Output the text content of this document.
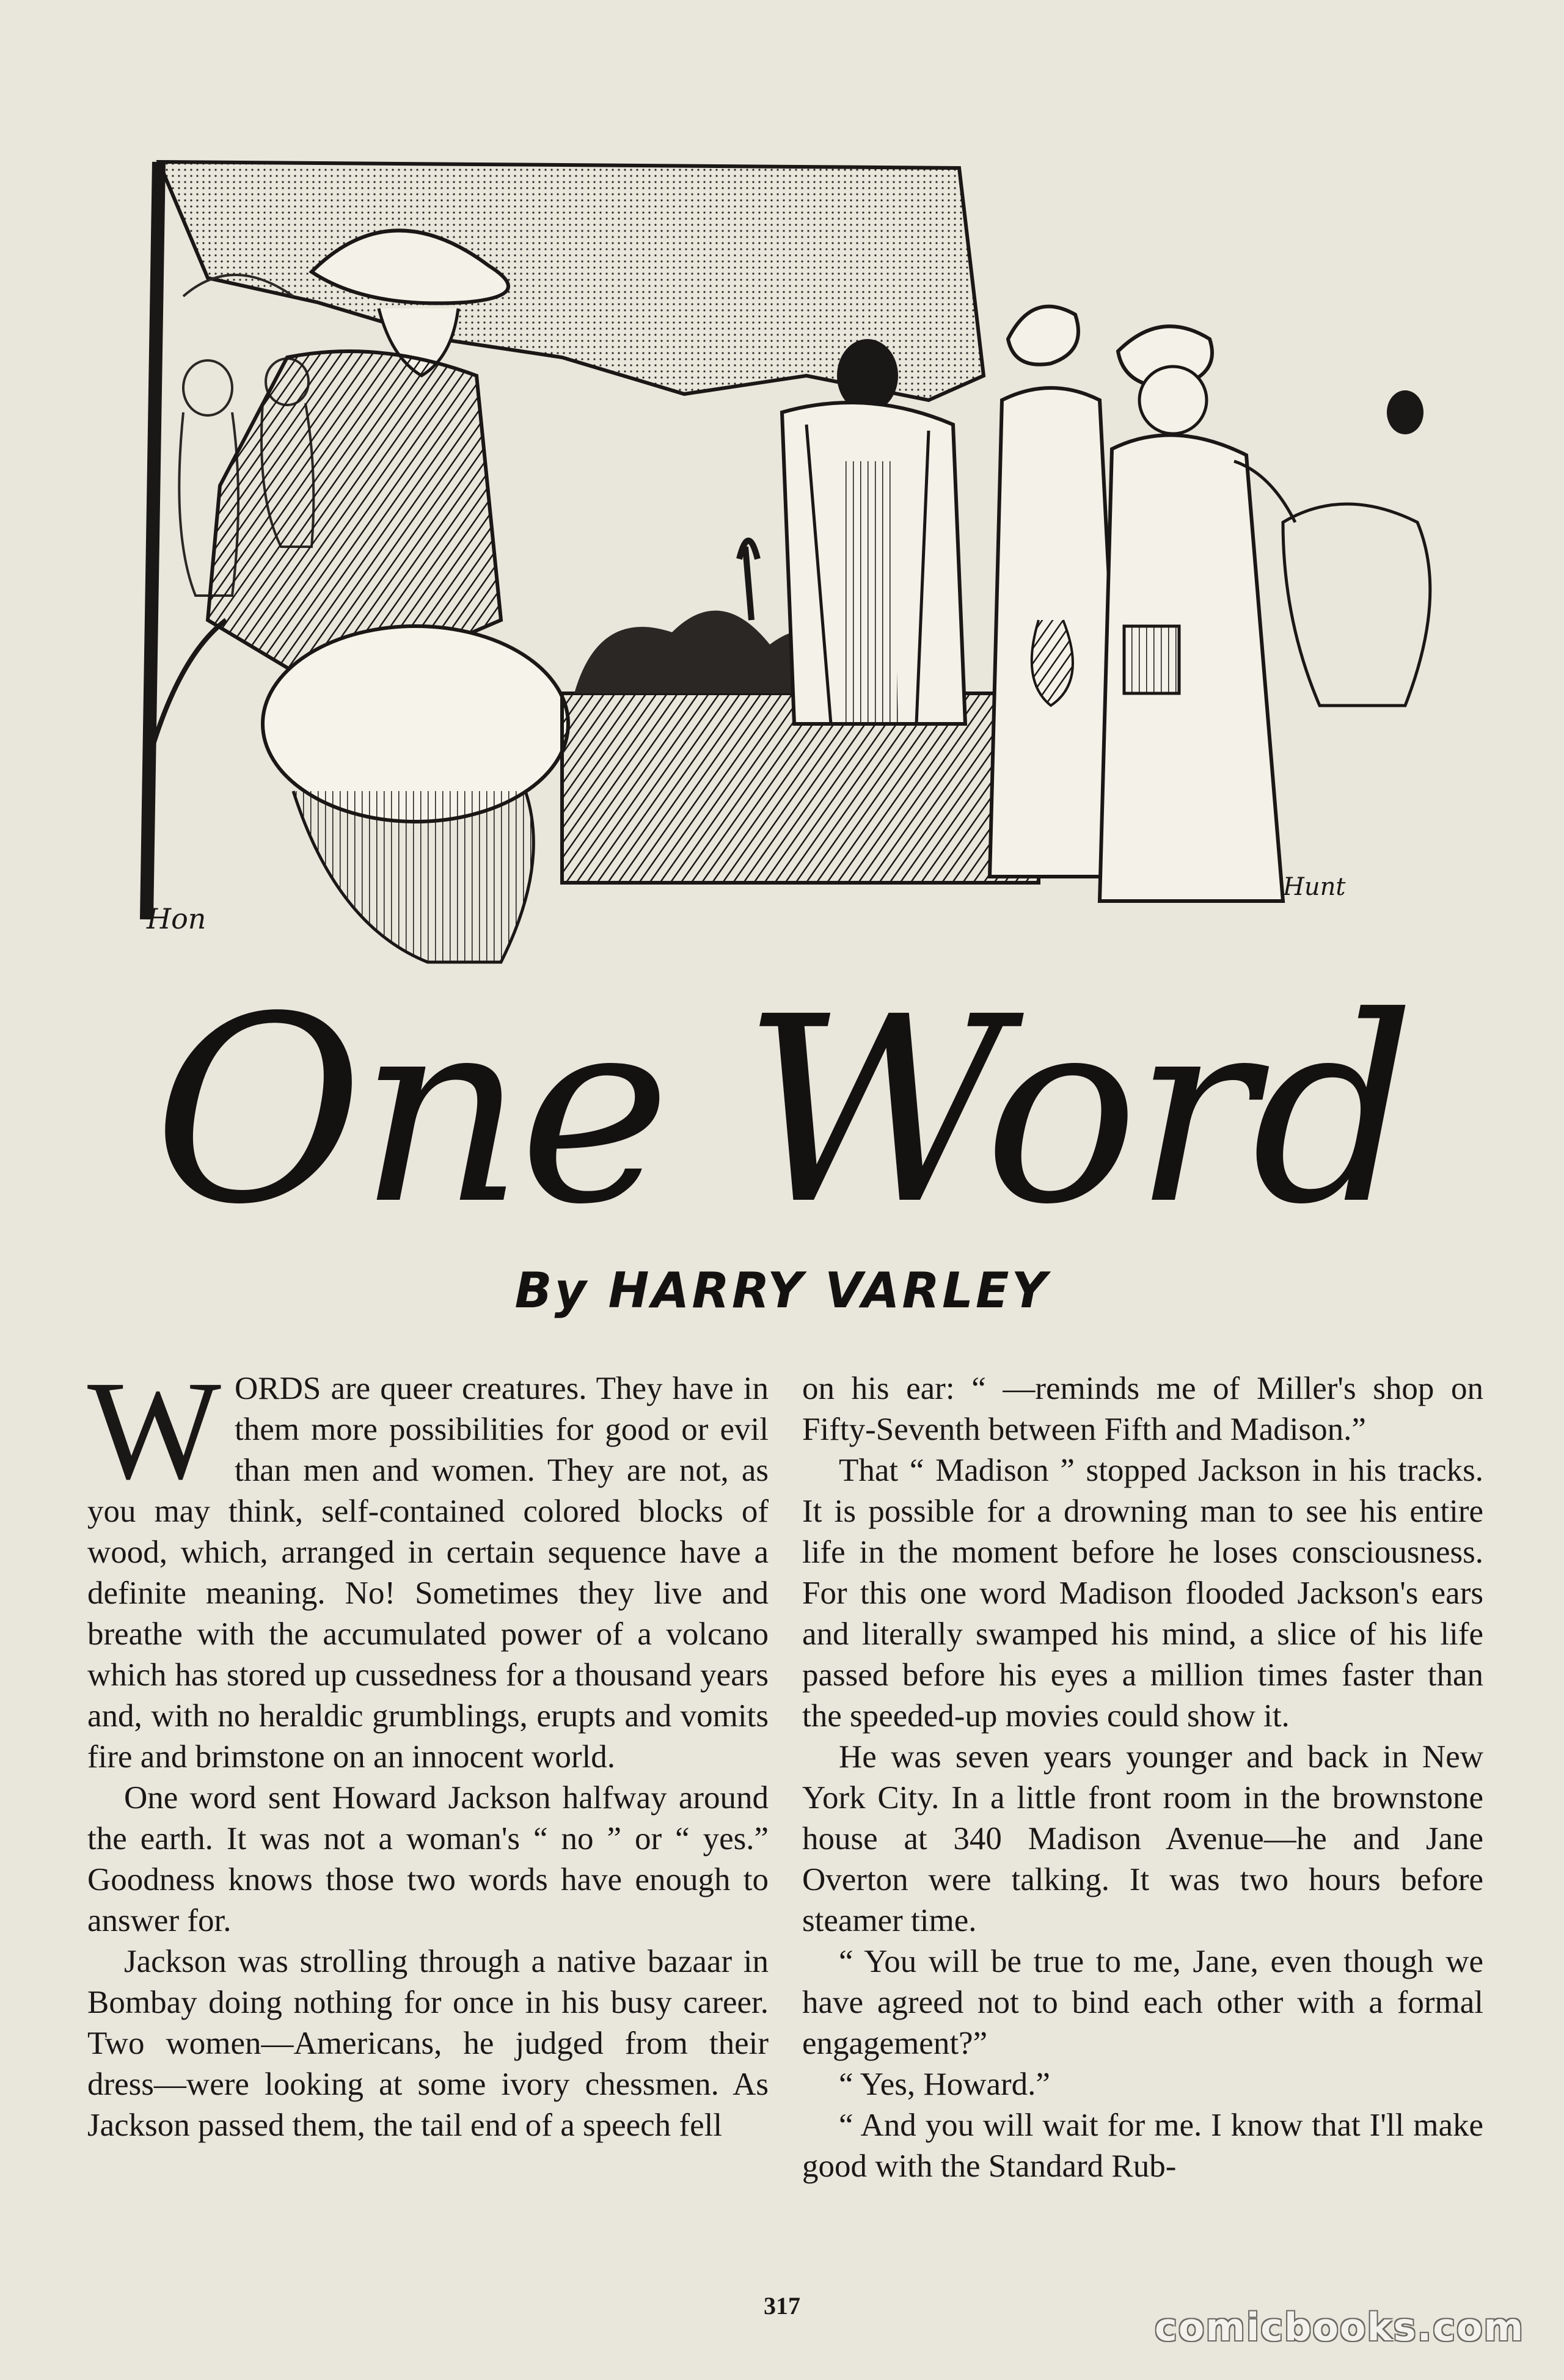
Hon
Hunt
One Word
By HARRY VARLEY

WORDS are queer creatures. They have in them more possibilities for good or evil than men and women. They are not, as you may think, self-contained colored blocks of wood, which, arranged in certain sequence have a definite meaning. No! Sometimes they live and breathe with the accumulated power of a volcano which has stored up cussedness for a thousand years and, with no heraldic grumblings, erupts and vomits fire and brimstone on an innocent world.

One word sent Howard Jackson halfway around the earth. It was not a woman's “ no ” or “ yes.” Goodness knows those two words have enough to answer for.

Jackson was strolling through a native bazaar in Bombay doing nothing for once in his busy career. Two women—Americans, he judged from their dress—were looking at some ivory chessmen. As Jackson passed them, the tail end of a speech fell

on his ear: “ —reminds me of Miller's shop on Fifty-Seventh between Fifth and Madison.”

That “ Madison ” stopped Jackson in his tracks. It is possible for a drowning man to see his entire life in the moment before he loses consciousness. For this one word Madison flooded Jackson's ears and literally swamped his mind, a slice of his life passed before his eyes a million times faster than the speeded-up movies could show it.

He was seven years younger and back in New York City. In a little front room in the brownstone house at 340 Madison Avenue—he and Jane Overton were talking. It was two hours before steamer time.

“ You will be true to me, Jane, even though we have agreed not to bind each other with a formal engagement?”

“ Yes, Howard.”

“ And you will wait for me. I know that I'll make good with the Standard Rub-

317	comicbooks.com
